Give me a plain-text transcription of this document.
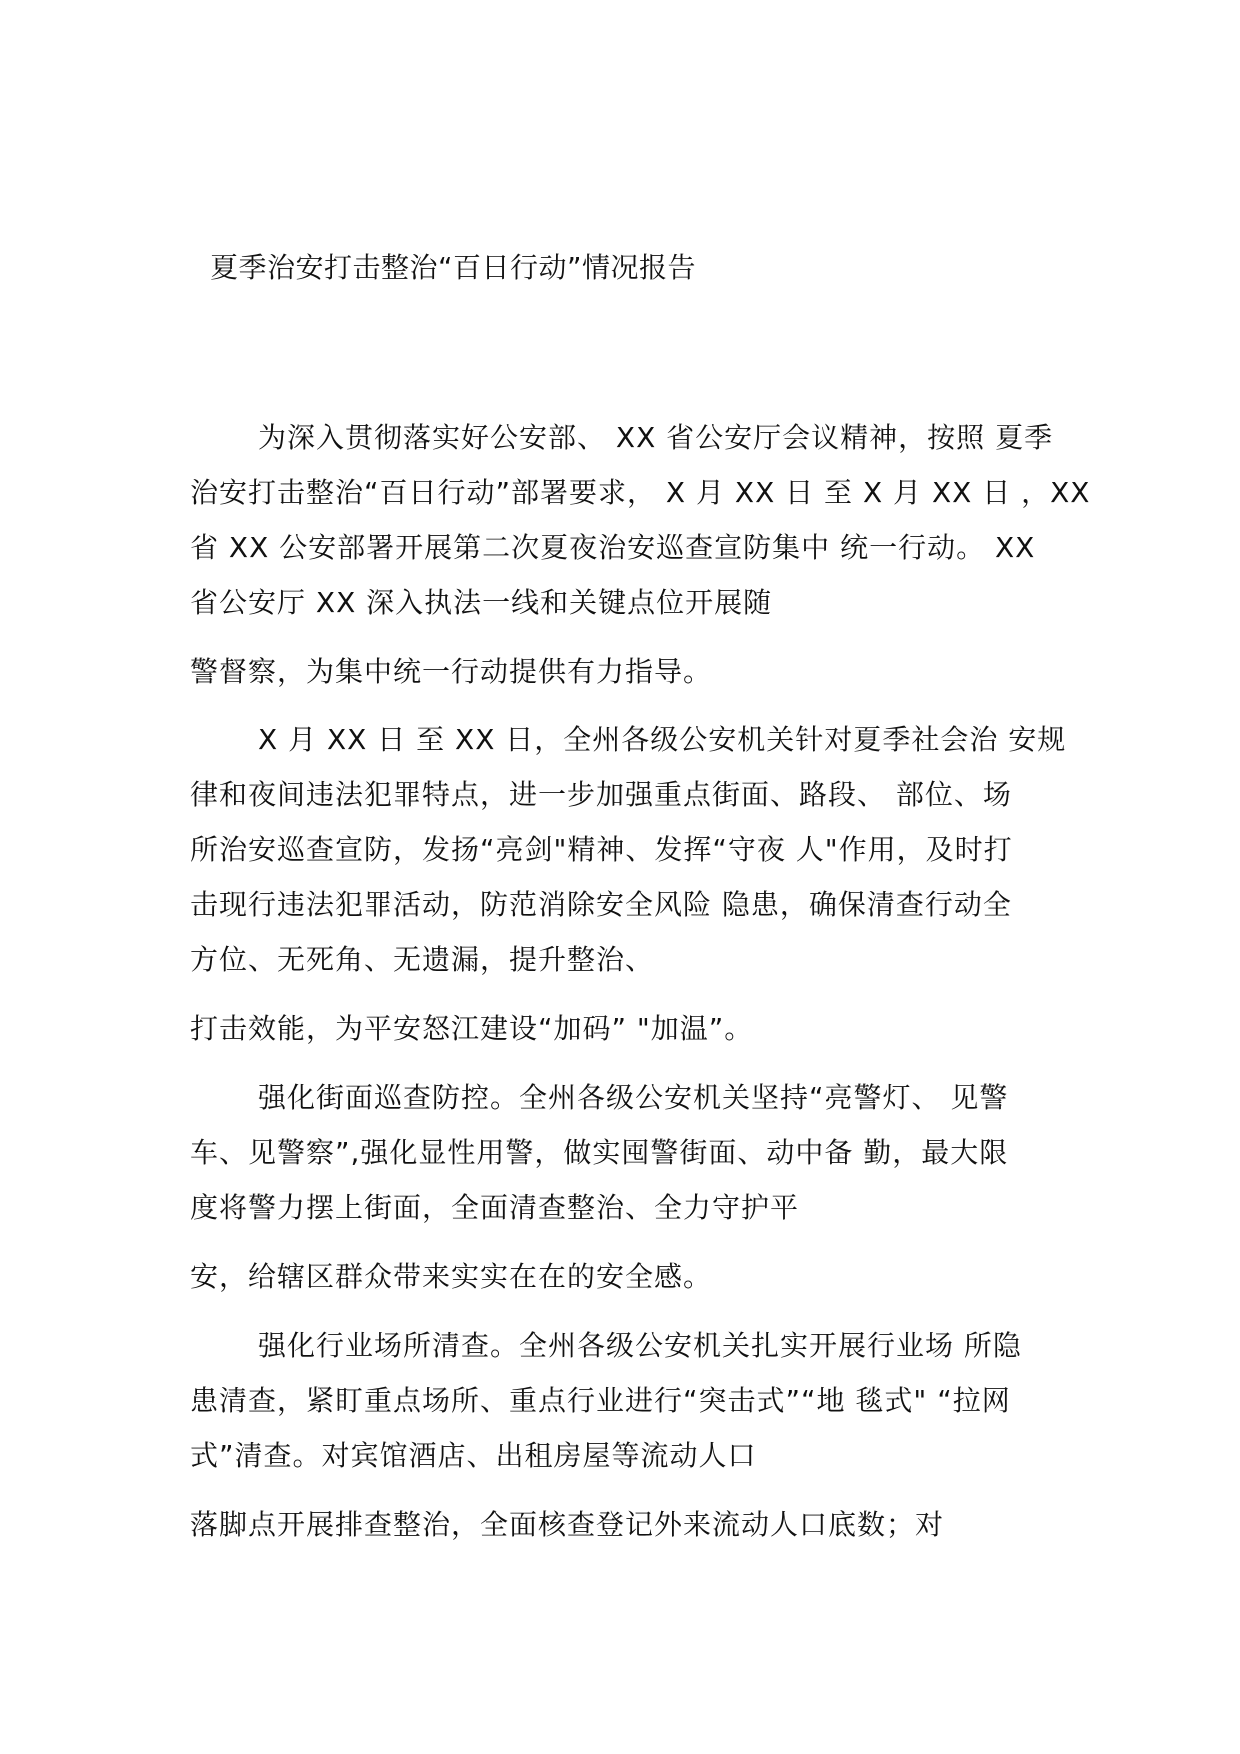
夏季治安打击整治“百日行动”情况报告
为深入贯彻落实好公安部、 XX 省公安厅会议精神，按照 夏季
治安打击整治“百日行动”部署要求， X 月 XX 日 至 X 月 XX 日 ，XX
省 XX 公安部署开展第二次夏夜治安巡查宣防集中 统一行动。 XX
省公安厅 XX 深入执法一线和关键点位开展随
警督察，为集中统一行动提供有力指导。
X 月 XX 日 至 XX 日，全州各级公安机关针对夏季社会治 安规
律和夜间违法犯罪特点，进一步加强重点街面、路段、 部位、场
所治安巡查宣防，发扬“亮剑"精神、发挥“守夜 人"作用，及时打
击现行违法犯罪活动，防范消除安全风险 隐患，确保清查行动全
方位、无死角、无遗漏，提升整治、
打击效能，为平安怒江建设“加码” "加温”。
强化街面巡查防控。全州各级公安机关坚持“亮警灯、 见警
车、见警察”,强化显性用警，做实囤警街面、动中备 勤，最大限
度将警力摆上街面，全面清查整治、全力守护平
安，给辖区群众带来实实在在的安全感。
强化行业场所清查。全州各级公安机关扎实开展行业场 所隐
患清查，紧盯重点场所、重点行业进行“突击式”“地 毯式" “拉网
式”清查。对宾馆酒店、出租房屋等流动人口
落脚点开展排查整治，全面核查登记外来流动人口底数；对
